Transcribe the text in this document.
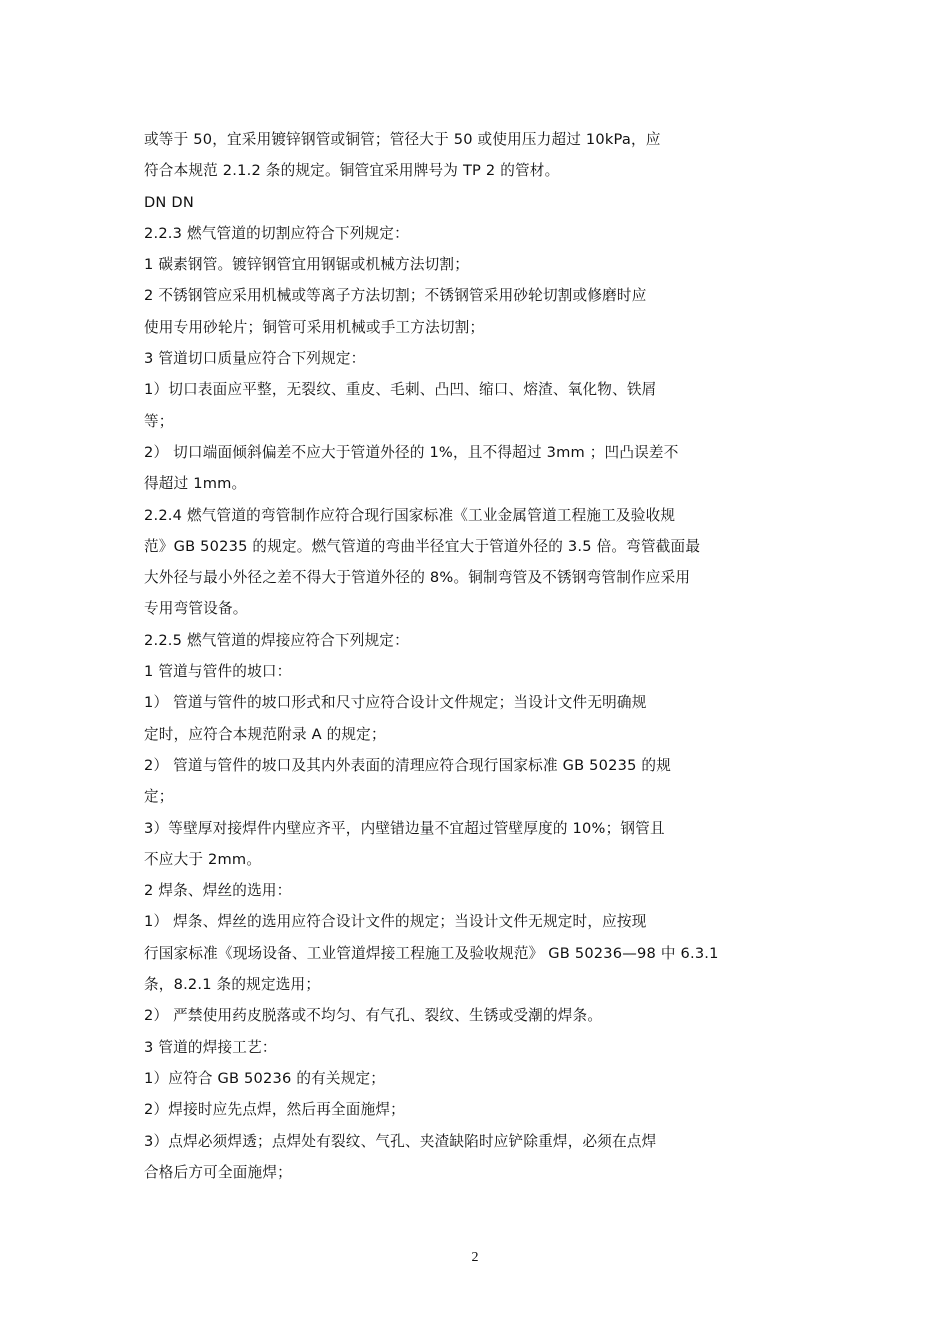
或等于 50，宜采用镀锌钢管或铜管；管径大于 50 或使用压力超过 10kPa，应
符合本规范 2.1.2 条的规定。铜管宜采用牌号为 TP 2 的管材。
DN DN
2.2.3 燃气管道的切割应符合下列规定：
1 碳素钢管。镀锌钢管宜用钢锯或机械方法切割；
2 不锈钢管应采用机械或等离子方法切割；不锈钢管采用砂轮切割或修磨时应
使用专用砂轮片；铜管可采用机械或手工方法切割；
3 管道切口质量应符合下列规定：
1）切口表面应平整，无裂纹、重皮、毛刺、凸凹、缩口、熔渣、氧化物、铁屑
等；
2） 切口端面倾斜偏差不应大于管道外径的 1%，且不得超过 3mm ；凹凸误差不
得超过 1mm。
2.2.4 燃气管道的弯管制作应符合现行国家标准《工业金属管道工程施工及验收规
范》GB 50235 的规定。燃气管道的弯曲半径宜大于管道外径的 3.5 倍。弯管截面最
大外径与最小外径之差不得大于管道外径的 8%。铜制弯管及不锈钢弯管制作应采用
专用弯管设备。
2.2.5 燃气管道的焊接应符合下列规定：
1 管道与管件的坡口：
1） 管道与管件的坡口形式和尺寸应符合设计文件规定；当设计文件无明确规
定时，应符合本规范附录 A 的规定；
2） 管道与管件的坡口及其内外表面的清理应符合现行国家标准 GB 50235 的规
定；
3）等壁厚对接焊件内壁应齐平，内壁错边量不宜超过管壁厚度的 10%；钢管且
不应大于 2mm。
2 焊条、焊丝的选用：
1） 焊条、焊丝的选用应符合设计文件的规定；当设计文件无规定时，应按现
行国家标准《现场设备、工业管道焊接工程施工及验收规范》 GB 50236—98 中 6.3.1
条，8.2.1 条的规定选用；
2） 严禁使用药皮脱落或不均匀、有气孔、裂纹、生锈或受潮的焊条。
3 管道的焊接工艺：
1）应符合 GB 50236 的有关规定；
2）焊接时应先点焊，然后再全面施焊；
3）点焊必须焊透；点焊处有裂纹、气孔、夹渣缺陷时应铲除重焊，必须在点焊
合格后方可全面施焊；
2
